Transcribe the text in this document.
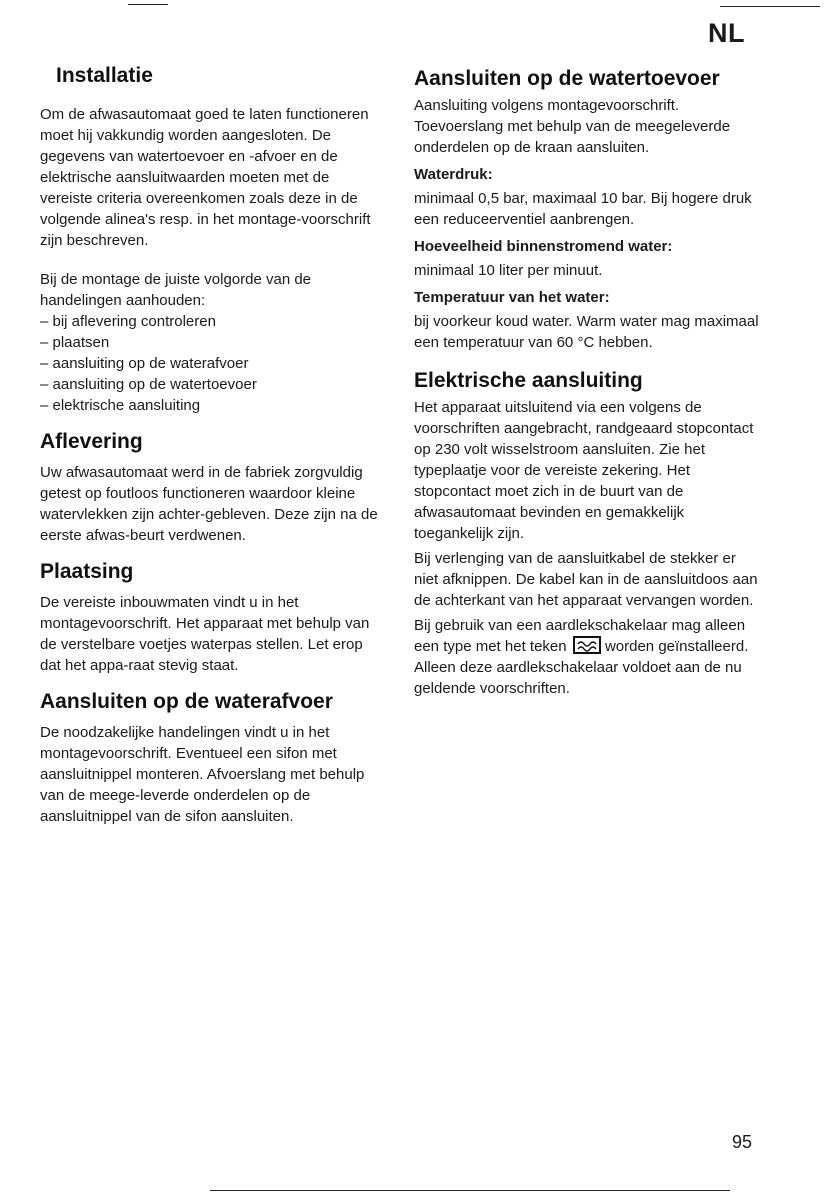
NL
Installatie

Om de afwasautomaat goed te laten functioneren moet hij vakkundig worden aangesloten. De gegevens van watertoevoer en -afvoer en de elektrische aansluitwaarden moeten met de vereiste criteria overeenkomen zoals deze in de volgende alinea's resp. in het montage-voorschrift zijn beschreven.

Bij de montage de juiste volgorde van de handelingen aanhouden:

– bij aflevering controleren
– plaatsen
– aansluiting op de waterafvoer
– aansluiting op de watertoevoer
– elektrische aansluiting
Aflevering

Uw afwasautomaat werd in de fabriek zorgvuldig getest op foutloos functioneren waardoor kleine watervlekken zijn achter-gebleven. Deze zijn na de eerste afwas-beurt verdwenen.

Plaatsing

De vereiste inbouwmaten vindt u in het montagevoorschrift. Het apparaat met behulp van de verstelbare voetjes waterpas stellen. Let erop dat het appa-raat stevig staat.

Aansluiten op de waterafvoer

De noodzakelijke handelingen vindt u in het montagevoorschrift. Eventueel een sifon met aansluitnippel monteren. Afvoerslang met behulp van de meege-leverde onderdelen op de aansluitnippel van de sifon aansluiten.

Aansluiten op de watertoevoer

Aansluiting volgens montagevoorschrift. Toevoerslang met behulp van de meegeleverde onderdelen op de kraan aansluiten.

Waterdruk:

minimaal 0,5 bar, maximaal 10 bar. Bij hogere druk een reduceerventiel aanbrengen.

Hoeveelheid binnenstromend water:

minimaal 10 liter per minuut.

Temperatuur van het water:

bij voorkeur koud water. Warm water mag maximaal een temperatuur van 60 °C hebben.

Elektrische aansluiting

Het apparaat uitsluitend via een volgens de voorschriften aangebracht, randgeaard stopcontact op 230 volt wisselstroom aansluiten. Zie het typeplaatje voor de vereiste zekering. Het stopcontact moet zich in de buurt van de afwasautomaat bevinden en gemakkelijk toegankelijk zijn.

Bij verlenging van de aansluitkabel de stekker er niet afknippen. De kabel kan in de aansluitdoos aan de achterkant van het apparaat vervangen worden.

Bij gebruik van een aardlekschakelaar mag alleen een type met het teken	worden geïnstalleerd. Alleen deze aardlekschakelaar voldoet aan de nu geldende voorschriften.

95
